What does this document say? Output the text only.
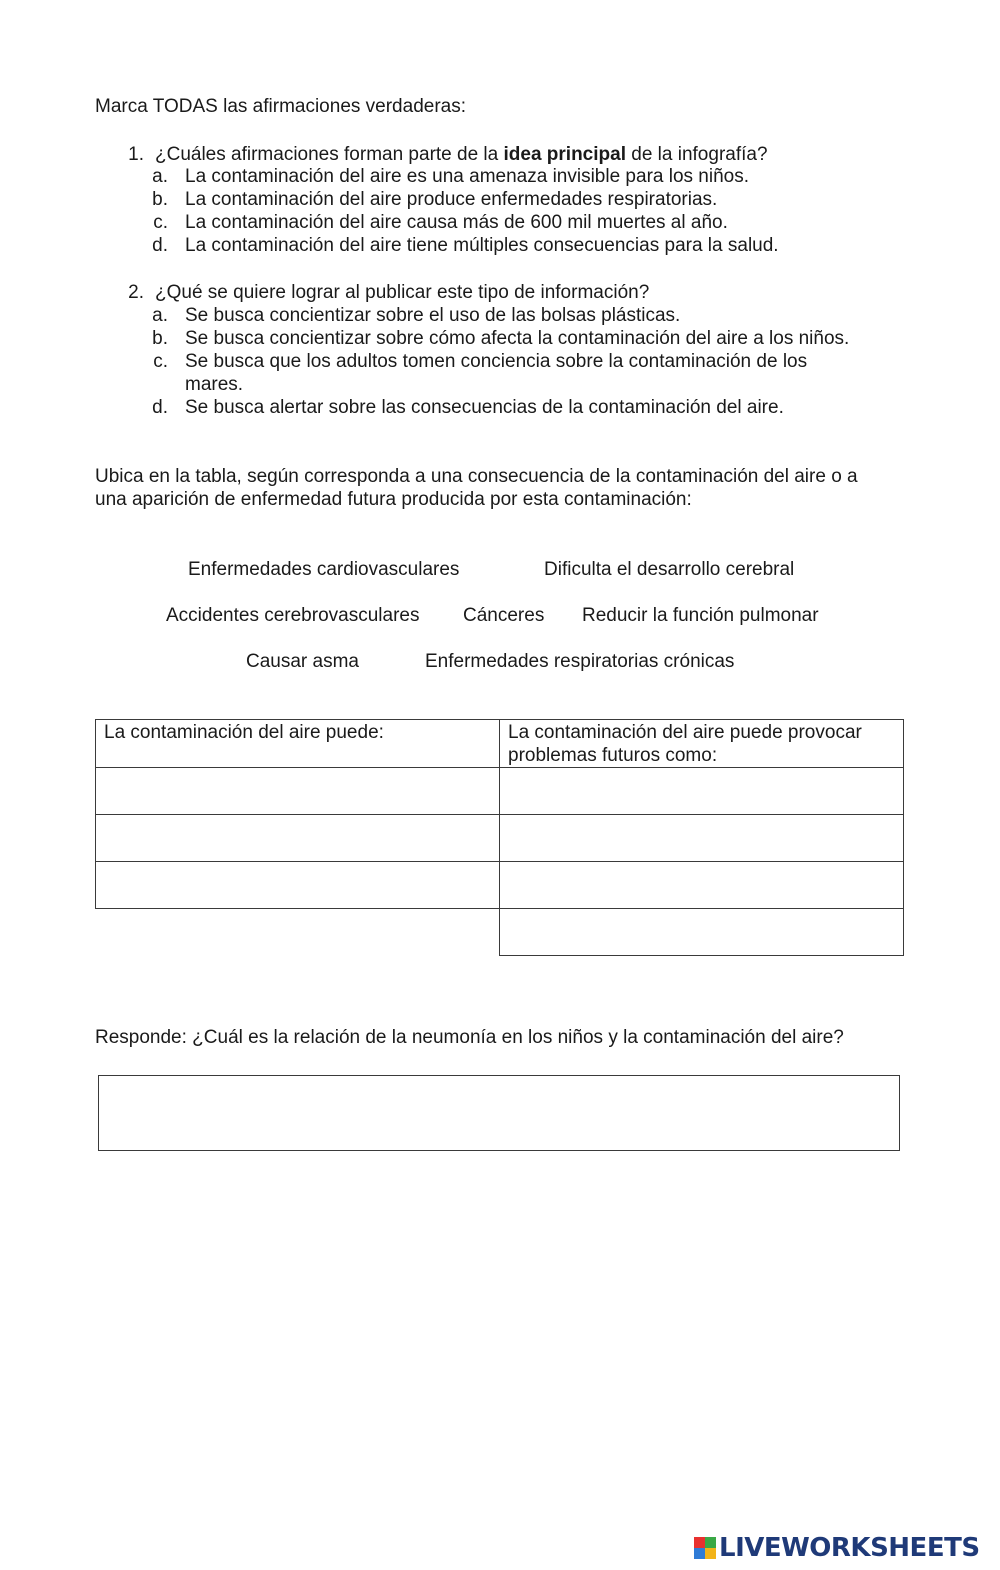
Marca TODAS las afirmaciones verdaderas:
1. ¿Cuáles afirmaciones forman parte de la idea principal de la infografía?
a. La contaminación del aire es una amenaza invisible para los niños.
b. La contaminación del aire produce enfermedades respiratorias.
c. La contaminación del aire causa más de 600 mil muertes al año.
d. La contaminación del aire tiene múltiples consecuencias para la salud.
2. ¿Qué se quiere lograr al publicar este tipo de información?
a. Se busca concientizar sobre el uso de las bolsas plásticas.
b. Se busca concientizar sobre cómo afecta la contaminación del aire a los niños.
c. Se busca que los adultos tomen conciencia sobre la contaminación de los
mares.
d. Se busca alertar sobre las consecuencias de la contaminación del aire.
Ubica en la tabla, según corresponda a una consecuencia de la contaminación del aire o a
una aparición de enfermedad futura producida por esta contaminación:
Enfermedades cardiovasculares	Dificulta el desarrollo cerebral
Accidentes cerebrovasculares Cánceres Reducir la función pulmonar
Causar asma	Enfermedades respiratorias crónicas
La contaminación del aire puede:	La contaminación del aire puede provocar
problemas futuros como:

Responde: ¿Cuál es la relación de la neumonía en los niños y la contaminación del aire?
LIVEWORKSHEETS
